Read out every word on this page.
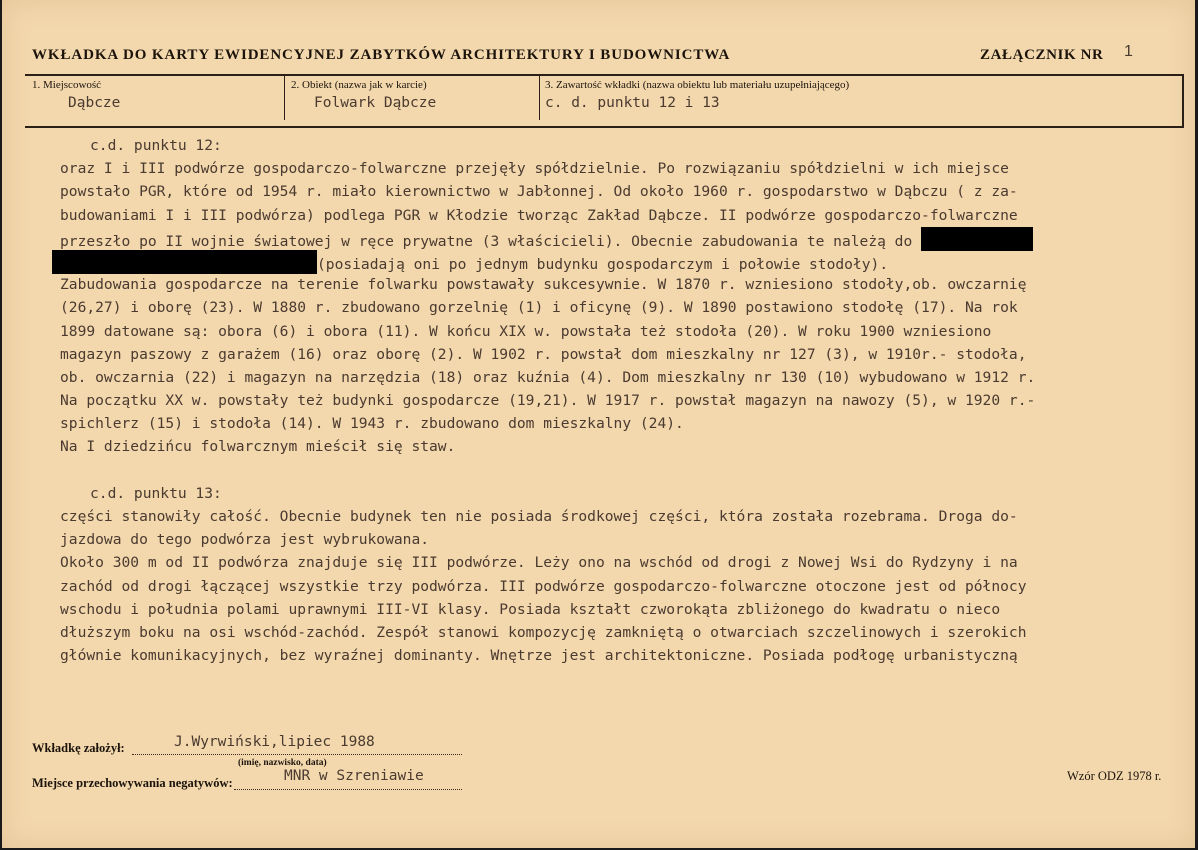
WKŁADKA DO KARTY EWIDENCYJNEJ ZABYTKÓW ARCHITEKTURY I BUDOWNICTWA	ZAŁĄCZNIK NR 1
1. Miejscowość
Dąbcze
2. Obiekt (nazwa jak w karcie)
Folwark Dąbcze
3. Zawartość wkładki (nazwa obiektu lub materiału uzupełniającego)
c. d. punktu 12 i 13
c.d. punktu 12:
oraz I i III podwórze gospodarczo-folwarczne przejęły spółdzielnie. Po rozwiązaniu spółdzielni w ich miejsce
powstało PGR, które od 1954 r. miało kierownictwo w Jabłonnej. Od około 1960 r. gospodarstwo w Dąbczu ( z za-
budowaniami I i III podwórza) podlega PGR w Kłodzie tworząc Zakład Dąbcze. II podwórze gospodarczo-folwarczne
przeszło po II wojnie światowej w ręce prywatne (3 właścicieli). Obecnie zabudowania te należą do
(posiadają oni po jednym budynku gospodarczym i połowie stodoły).
Zabudowania gospodarcze na terenie folwarku powstawały sukcesywnie. W 1870 r. wzniesiono stodoły,ob. owczarnię
(26,27) i oborę (23). W 1880 r. zbudowano gorzelnię (1) i oficynę (9). W 1890 postawiono stodołę (17). Na rok
1899 datowane są: obora (6) i obora (11). W końcu XIX w. powstała też stodoła (20). W roku 1900 wzniesiono
magazyn paszowy z garażem (16) oraz oborę (2). W 1902 r. powstał dom mieszkalny nr 127 (3), w 1910r.- stodoła,
ob. owczarnia (22) i magazyn na narzędzia (18) oraz kuźnia (4). Dom mieszkalny nr 130 (10) wybudowano w 1912 r.
Na początku XX w. powstały też budynki gospodarcze (19,21). W 1917 r. powstał magazyn na nawozy (5), w 1920 r.-
spichlerz (15) i stodoła (14). W 1943 r. zbudowano dom mieszkalny (24).
Na I dziedzińcu folwarcznym mieścił się staw.
c.d. punktu 13:
części stanowiły całość. Obecnie budynek ten nie posiada środkowej części, która została rozebrama. Droga do-
jazdowa do tego podwórza jest wybrukowana.
Około 300 m od II podwórza znajduje się III podwórze. Leży ono na wschód od drogi z Nowej Wsi do Rydzyny i na
zachód od drogi łączącej wszystkie trzy podwórza. III podwórze gospodarczo-folwarczne otoczone jest od północy
wschodu i południa polami uprawnymi III-VI klasy. Posiada kształt czworokąta zbliżonego do kwadratu o nieco
dłuższym boku na osi wschód-zachód. Zespół stanowi kompozycję zamkniętą o otwarciach szczelinowych i szerokich
głównie komunikacyjnych, bez wyraźnej dominanty. Wnętrze jest architektoniczne. Posiada podłogę urbanistyczną
Wkładkę założył:	J.Wyrwiński,lipiec 1988
(imię, nazwisko, data)
Miejsce przechowywania negatywów:	MNR w Szreniawie	Wzór ODZ 1978 r.
